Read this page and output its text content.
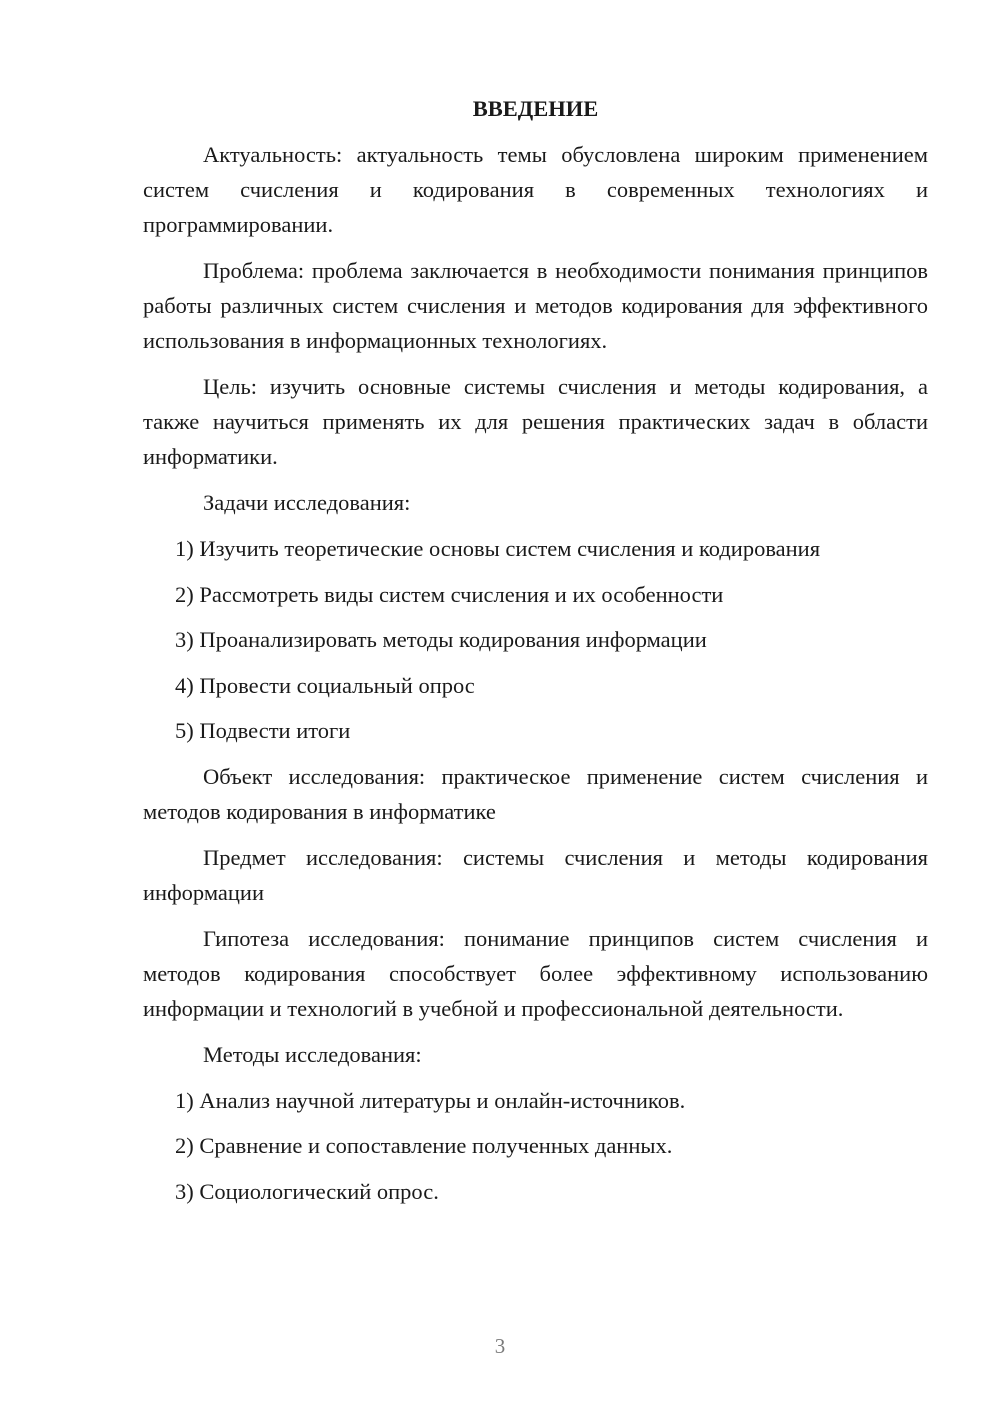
ВВЕДЕНИЕ

Актуальность: актуальность темы обусловлена широким применением систем счисления и кодирования в современных технологиях и программировании.

Проблема: проблема заключается в необходимости понимания принципов работы различных систем счисления и методов кодирования для эффективного использования в информационных технологиях.

Цель: изучить основные системы счисления и методы кодирования, а также научиться применять их для решения практических задач в области информатики.

Задачи исследования:

1) Изучить теоретические основы систем счисления и кодирования
2) Рассмотреть виды систем счисления и их особенности
3) Проанализировать методы кодирования информации
4) Провести социальный опрос
5) Подвести итоги

Объект исследования: практическое применение систем счисления и методов кодирования в информатике

Предмет исследования: системы счисления и методы кодирования информации

Гипотеза исследования: понимание принципов систем счисления и методов кодирования способствует более эффективному использованию информации и технологий в учебной и профессиональной деятельности.

Методы исследования:

1) Анализ научной литературы и онлайн-источников.
2) Сравнение и сопоставление полученных данных.
3) Социологический опрос.
3
